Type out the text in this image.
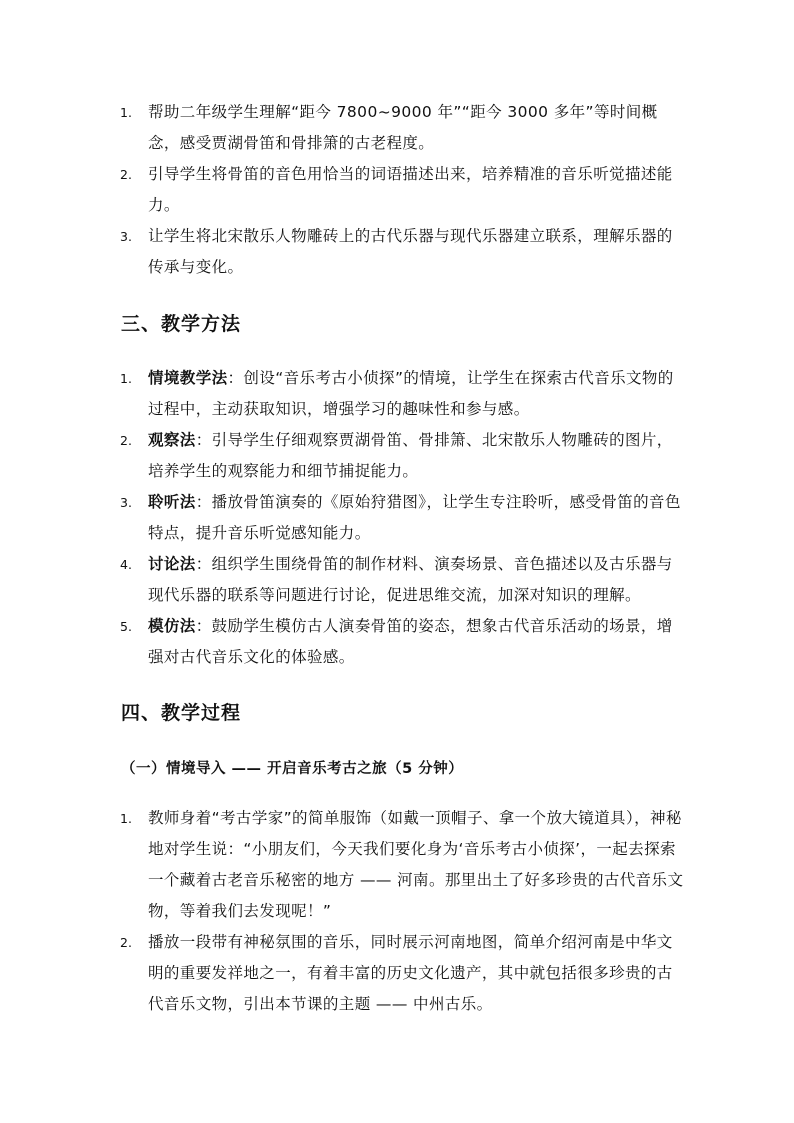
1. 帮助二年级学生理解“距今 7800~9000 年”“距今 3000 多年”等时间概念，感受贾湖骨笛和骨排箫的古老程度。
2. 引导学生将骨笛的音色用恰当的词语描述出来，培养精准的音乐听觉描述能力。
3. 让学生将北宋散乐人物雕砖上的古代乐器与现代乐器建立联系，理解乐器的传承与变化。
三、教学方法
1. 情境教学法：创设“音乐考古小侦探”的情境，让学生在探索古代音乐文物的过程中，主动获取知识，增强学习的趣味性和参与感。
2. 观察法：引导学生仔细观察贾湖骨笛、骨排箫、北宋散乐人物雕砖的图片，培养学生的观察能力和细节捕捉能力。
3. 聆听法：播放骨笛演奏的《原始狩猎图》，让学生专注聆听，感受骨笛的音色特点，提升音乐听觉感知能力。
4. 讨论法：组织学生围绕骨笛的制作材料、演奏场景、音色描述以及古乐器与现代乐器的联系等问题进行讨论，促进思维交流，加深对知识的理解。
5. 模仿法：鼓励学生模仿古人演奏骨笛的姿态，想象古代音乐活动的场景，增强对古代音乐文化的体验感。
四、教学过程
（一）情境导入 —— 开启音乐考古之旅（5 分钟）
1. 教师身着“考古学家”的简单服饰（如戴一顶帽子、拿一个放大镜道具），神秘地对学生说：“小朋友们，今天我们要化身为‘音乐考古小侦探’，一起去探索一个藏着古老音乐秘密的地方 —— 河南。那里出土了好多珍贵的古代音乐文物，等着我们去发现呢！”
2. 播放一段带有神秘氛围的音乐，同时展示河南地图，简单介绍河南是中华文明的重要发祥地之一，有着丰富的历史文化遗产，其中就包括很多珍贵的古代音乐文物，引出本节课的主题 —— 中州古乐。
